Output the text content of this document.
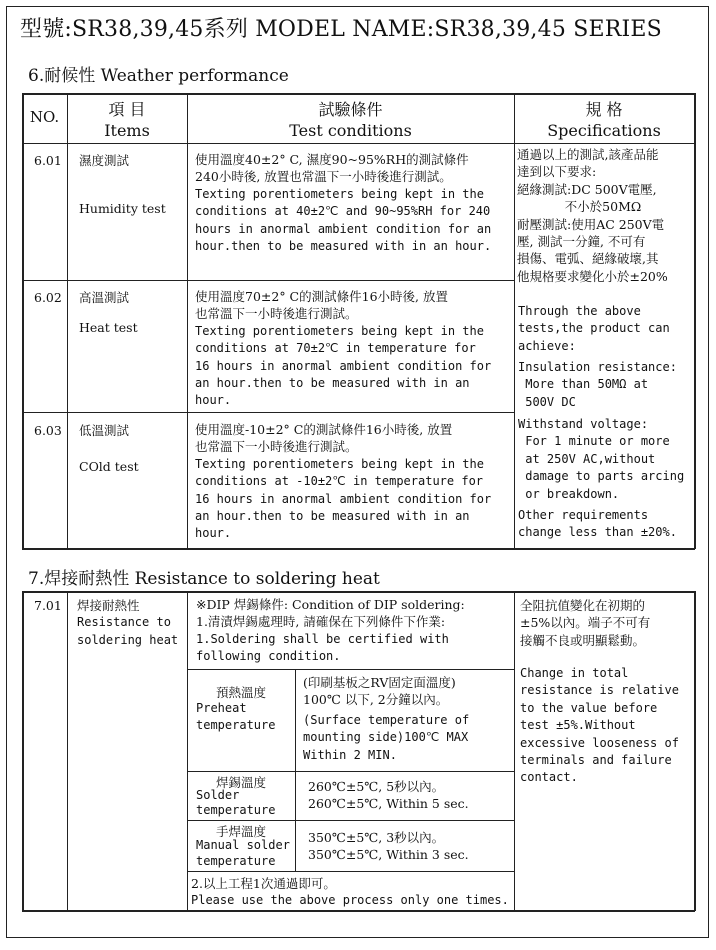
型號:SR38,39,45系列 MODEL NAME:SR38,39,45 SERIES
6.耐候性 Weather performance
NO.	項 目
Items
試驗條件
Test conditions
規 格
Specifications
6.01 濕度測試
Humidity test
使用溫度40±2° C, 濕度90~95%RH的測試條件
240小時後, 放置也常溫下一小時後進行測試。
Texting porentiometers being kept in the
conditions at 40±2℃ and 90~95%RH for 240
hours in anormal ambient condition for an
hour.then to be measured with in an hour.
6.02 高溫測試
Heat test
使用溫度70±2° C的測試條件16小時後, 放置
也常溫下一小時後進行測試。
Texting porentiometers being kept in the
conditions at 70±2℃ in temperature for
16 hours in anormal ambient condition for
an hour.then to be measured with in an
hour.
6.03 低溫測試
COld test
使用溫度-10±2° C的測試條件16小時後, 放置
也常溫下一小時後進行測試。
Texting porentiometers being kept in the
conditions at -10±2℃ in temperature for
16 hours in anormal ambient condition for
an hour.then to be measured with in an
hour.
通過以上的測試,該產品能
達到以下要求:
絕緣測試:DC 500V電壓,
不小於50MΩ
耐壓測試:使用AC 250V電
壓, 測試一分鐘, 不可有
損傷、電弧、絕緣破壞,其
他規格要求變化小於±20%
Through the above
tests,the product can
achieve:
Insulation resistance:
More than 50MΩ at
500V DC
Withstand voltage:
For 1 minute or more
at 250V AC,without
damage to parts arcing
or breakdown.
Other requirements
change less than ±20%.
7.焊接耐熱性 Resistance to soldering heat
7.01 焊接耐熱性
Resistance to
soldering heat
※DIP 焊錫條件: Condition of DIP soldering:
1.清漬焊錫處理時, 請確保在下列條件下作業:
1.Soldering shall be certified with
following condition.
預熱溫度
Preheat
temperature
(印刷基板之RV固定面溫度)
100℃ 以下, 2分鐘以內。
(Surface temperature of
mounting side)100℃ MAX
Within 2 MIN.
焊錫溫度
Solder
temperature
260℃±5℃, 5秒以內。
260℃±5℃, Within 5 sec.
手焊溫度
Manual solder
temperature
350℃±5℃, 3秒以內。
350℃±5℃, Within 3 sec.
2.以上工程1次通過即可。
Please use the above process only one times.
全阻抗值變化在初期的
±5%以內。端子不可有
接觸不良或明顯鬆動。
Change in total
resistance is relative
to the value before
test ±5%.Without
excessive looseness of
terminals and failure
contact.
